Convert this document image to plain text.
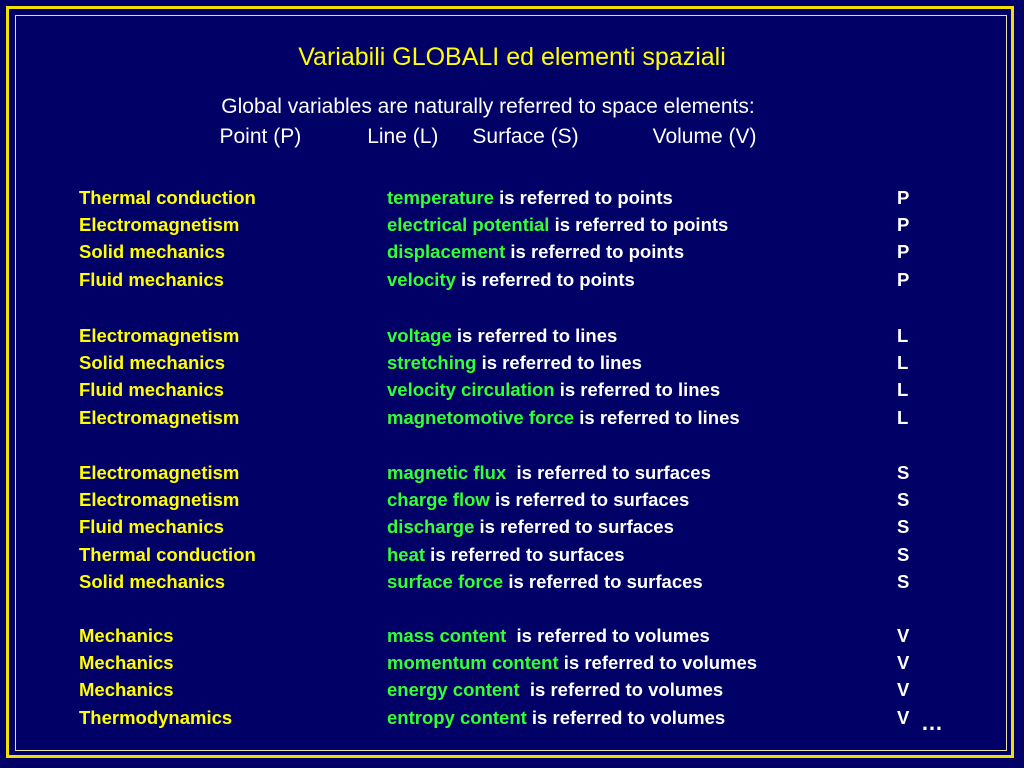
Variabili GLOBALI ed elementi spaziali
Global variables are naturally referred to space elements:
Point (P)	Line (L) Surface (S)	Volume (V)
Thermal conduction	temperature is referred to points	P
Electromagnetism	electrical potential is referred to points	P
Solid mechanics	displacement is referred to points	P
Fluid mechanics	velocity is referred to points	P
Electromagnetism	voltage is referred to lines	L
Solid mechanics	stretching is referred to lines	L
Fluid mechanics	velocity circulation is referred to lines	L
Electromagnetism	magnetomotive force is referred to lines	L
Electromagnetism	magnetic flux  is referred to surfaces	S
Electromagnetism	charge flow is referred to surfaces	S
Fluid mechanics	discharge is referred to surfaces	S
Thermal conduction	heat is referred to surfaces	S
Solid mechanics	surface force is referred to surfaces	S
Mechanics	mass content  is referred to volumes	V
Mechanics	momentum content is referred to volumes	V
Mechanics	energy content  is referred to volumes	V
Thermodynamics	entropy content is referred to volumes	V …
